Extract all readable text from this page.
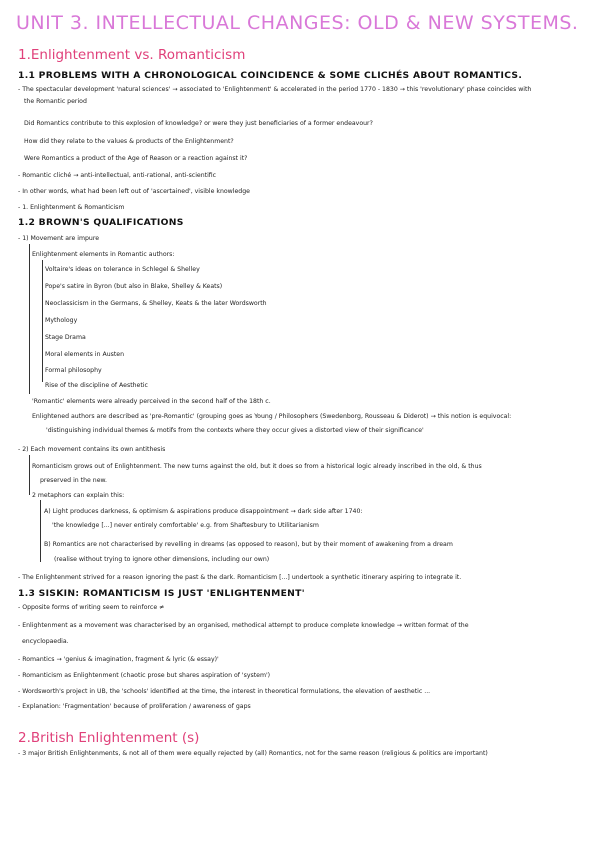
UNIT 3. INTELLECTUAL CHANGES: OLD & NEW SYSTEMS.
1.Enlightenment vs. Romanticism
1.1 PROBLEMS WITH A CHRONOLOGICAL COINCIDENCE & SOME CLICHÉS ABOUT ROMANTICS.
- The spectacular development 'natural sciences' → associated to 'Enlightenment' & accelerated in the period 1770 - 1830 → this 'revolutionary' phase coincides with
the Romantic period
Did Romantics contribute to this explosion of knowledge? or were they just beneficiaries of a former endeavour?
How did they relate to the values & products of the Enlightenment?
Were Romantics a product of the Age of Reason or a reaction against it?
- Romantic cliché → anti-intellectual, anti-rational, anti-scientific
- In other words, what had been left out of 'ascertained', visible knowledge
- 1. Enlightenment & Romanticism
1.2 BROWN'S QUALIFICATIONS
- 1) Movement are impure
Enlightenment elements in Romantic authors:
Voltaire's ideas on tolerance in Schlegel & Shelley
Pope's satire in Byron (but also in Blake, Shelley & Keats)
Neoclassicism in the Germans, & Shelley, Keats & the later Wordsworth
Mythology
Stage Drama
Moral elements in Austen
Formal philosophy
Rise of the discipline of Aesthetic
'Romantic' elements were already perceived in the second half of the 18th c.
Enlightened authors are described as 'pre-Romantic' (grouping goes as Young / Philosophers (Swedenborg, Rousseau & Diderot) → this notion is equivocal:
'distinguishing individual themes & motifs from the contexts where they occur gives a distorted view of their significance'
- 2) Each movement contains its own antithesis
Romanticism grows out of Enlightenment. The new turns against the old, but it does so from a historical logic already inscribed in the old, & thus
preserved in the new.
2 metaphors can explain this:
A) Light produces darkness, & optimism & aspirations produce disappointment → dark side after 1740:
'the knowledge [...] never entirely comfortable' e.g. from Shaftesbury to Utilitarianism
B) Romantics are not characterised by revelling in dreams (as opposed to reason), but by their moment of awakening from a dream
(realise without trying to ignore other dimensions, including our own)
- The Enlightenment strived for a reason ignoring the past & the dark. Romanticism [...] undertook a synthetic itinerary aspiring to integrate it.
1.3 SISKIN: ROMANTICISM IS JUST 'ENLIGHTENMENT'
- Opposite forms of writing seem to reinforce ≠
- Enlightenment as a movement was characterised by an organised, methodical attempt to produce complete knowledge → written format of the
encyclopaedia.
- Romantics → 'genius & imagination, fragment & lyric (& essay)'
- Romanticism as Enlightenment (chaotic prose but shares aspiration of 'system')
- Wordsworth's project in UB, the 'schools' identified at the time, the interest in theoretical formulations, the elevation of aesthetic ...
- Explanation: 'Fragmentation' because of proliferation / awareness of gaps
2.British Enlightenment (s)
- 3 major British Enlightenments, & not all of them were equally rejected by (all) Romantics, not for the same reason (religious & politics are important)
